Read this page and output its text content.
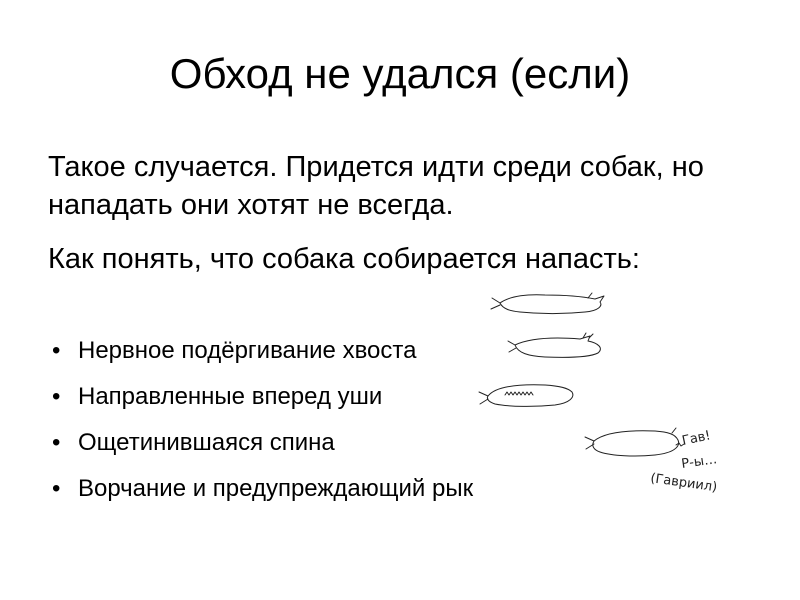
Обход не удался (если)
Такое случается. Придется идти среди собак, но нападать они хотят не всегда.
Как понять, что собака собирается напасть:
• Нервное подёргивание хвоста
• Направленные вперед уши
• Ощетинившаяся спина
• Ворчание и предупреждающий рык
Гав!
Р-ы…
(Гавриил)
